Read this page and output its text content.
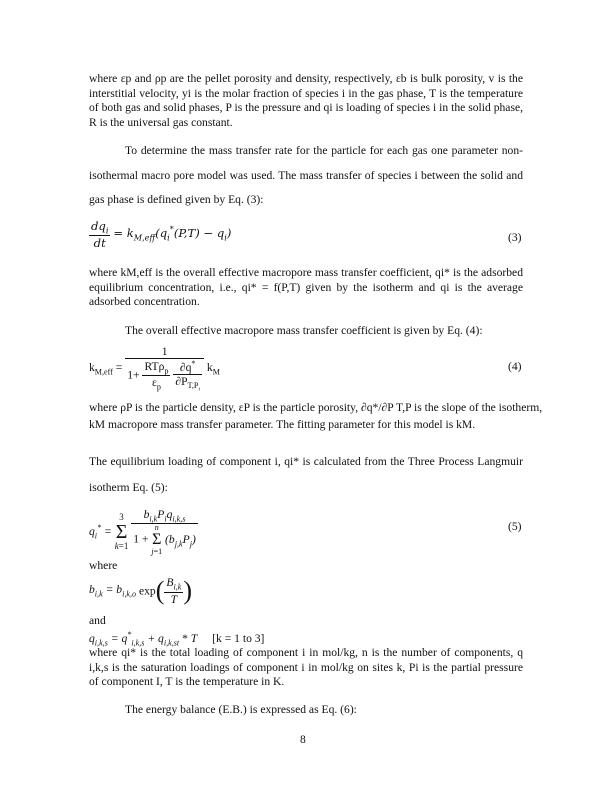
where εp and ρp are the pellet porosity and density, respectively, εb is bulk porosity, v is the interstitial velocity, yi is the molar fraction of species i in the gas phase, T is the temperature of both gas and solid phases, P is the pressure and qi is loading of species i in the solid phase, R is the universal gas constant.
To determine the mass transfer rate for the particle for each gas one parameter non-isothermal macro pore model was used. The mass transfer of species i between the solid and gas phase is defined given by Eq. (3):
$\frac{dq_i}{dt} = k_{M,eff}(q_i^*(P,T) - q_i)$	(3)
where kM,eff is the overall effective macropore mass transfer coefficient, qi* is the adsorbed equilibrium concentration, i.e., qi* = f(P,T) given by the isotherm and qi is the average adsorbed concentration.
The overall effective macropore mass transfer coefficient is given by Eq. (4):
$k_{M,eff} = 1$
$1+ \frac{RT\rho_p}{\varepsilon_p}$
$\frac{\partial q^*}{\partial P_{T,P_i}} k_M$	(4)
where ρP is the particle density, εP is the particle porosity, ∂q*/∂P T,P is the slope of the isotherm,
kM macropore mass transfer parameter. The fitting parameter for this model is kM.
The equilibrium loading of component i, qi* is calculated from the Three Process Langmuir isotherm Eq. (5):
$q_i^* = 3$
Σ
k=1
$b_{i,k}P_iq_{i,k,s}$
1 + n
Σ
j=1 $(b_{j,k}P_j)$
(5)
where
$b_{i,k} = b_{i,k,o}$ $\exp( \frac{B_{i,k}}{T}$ )
and
$q_{i,k,s} = q^*_{i,k,s} + q_{i,k,st} * T$ [k = 1 to 3]
where qi* is the total loading of component i in mol/kg, n is the number of components, q i,k,s is the saturation loadings of component i in mol/kg on sites k, Pi is the partial pressure of component I, T is the temperature in K.
The energy balance (E.B.) is expressed as Eq. (6):
8
